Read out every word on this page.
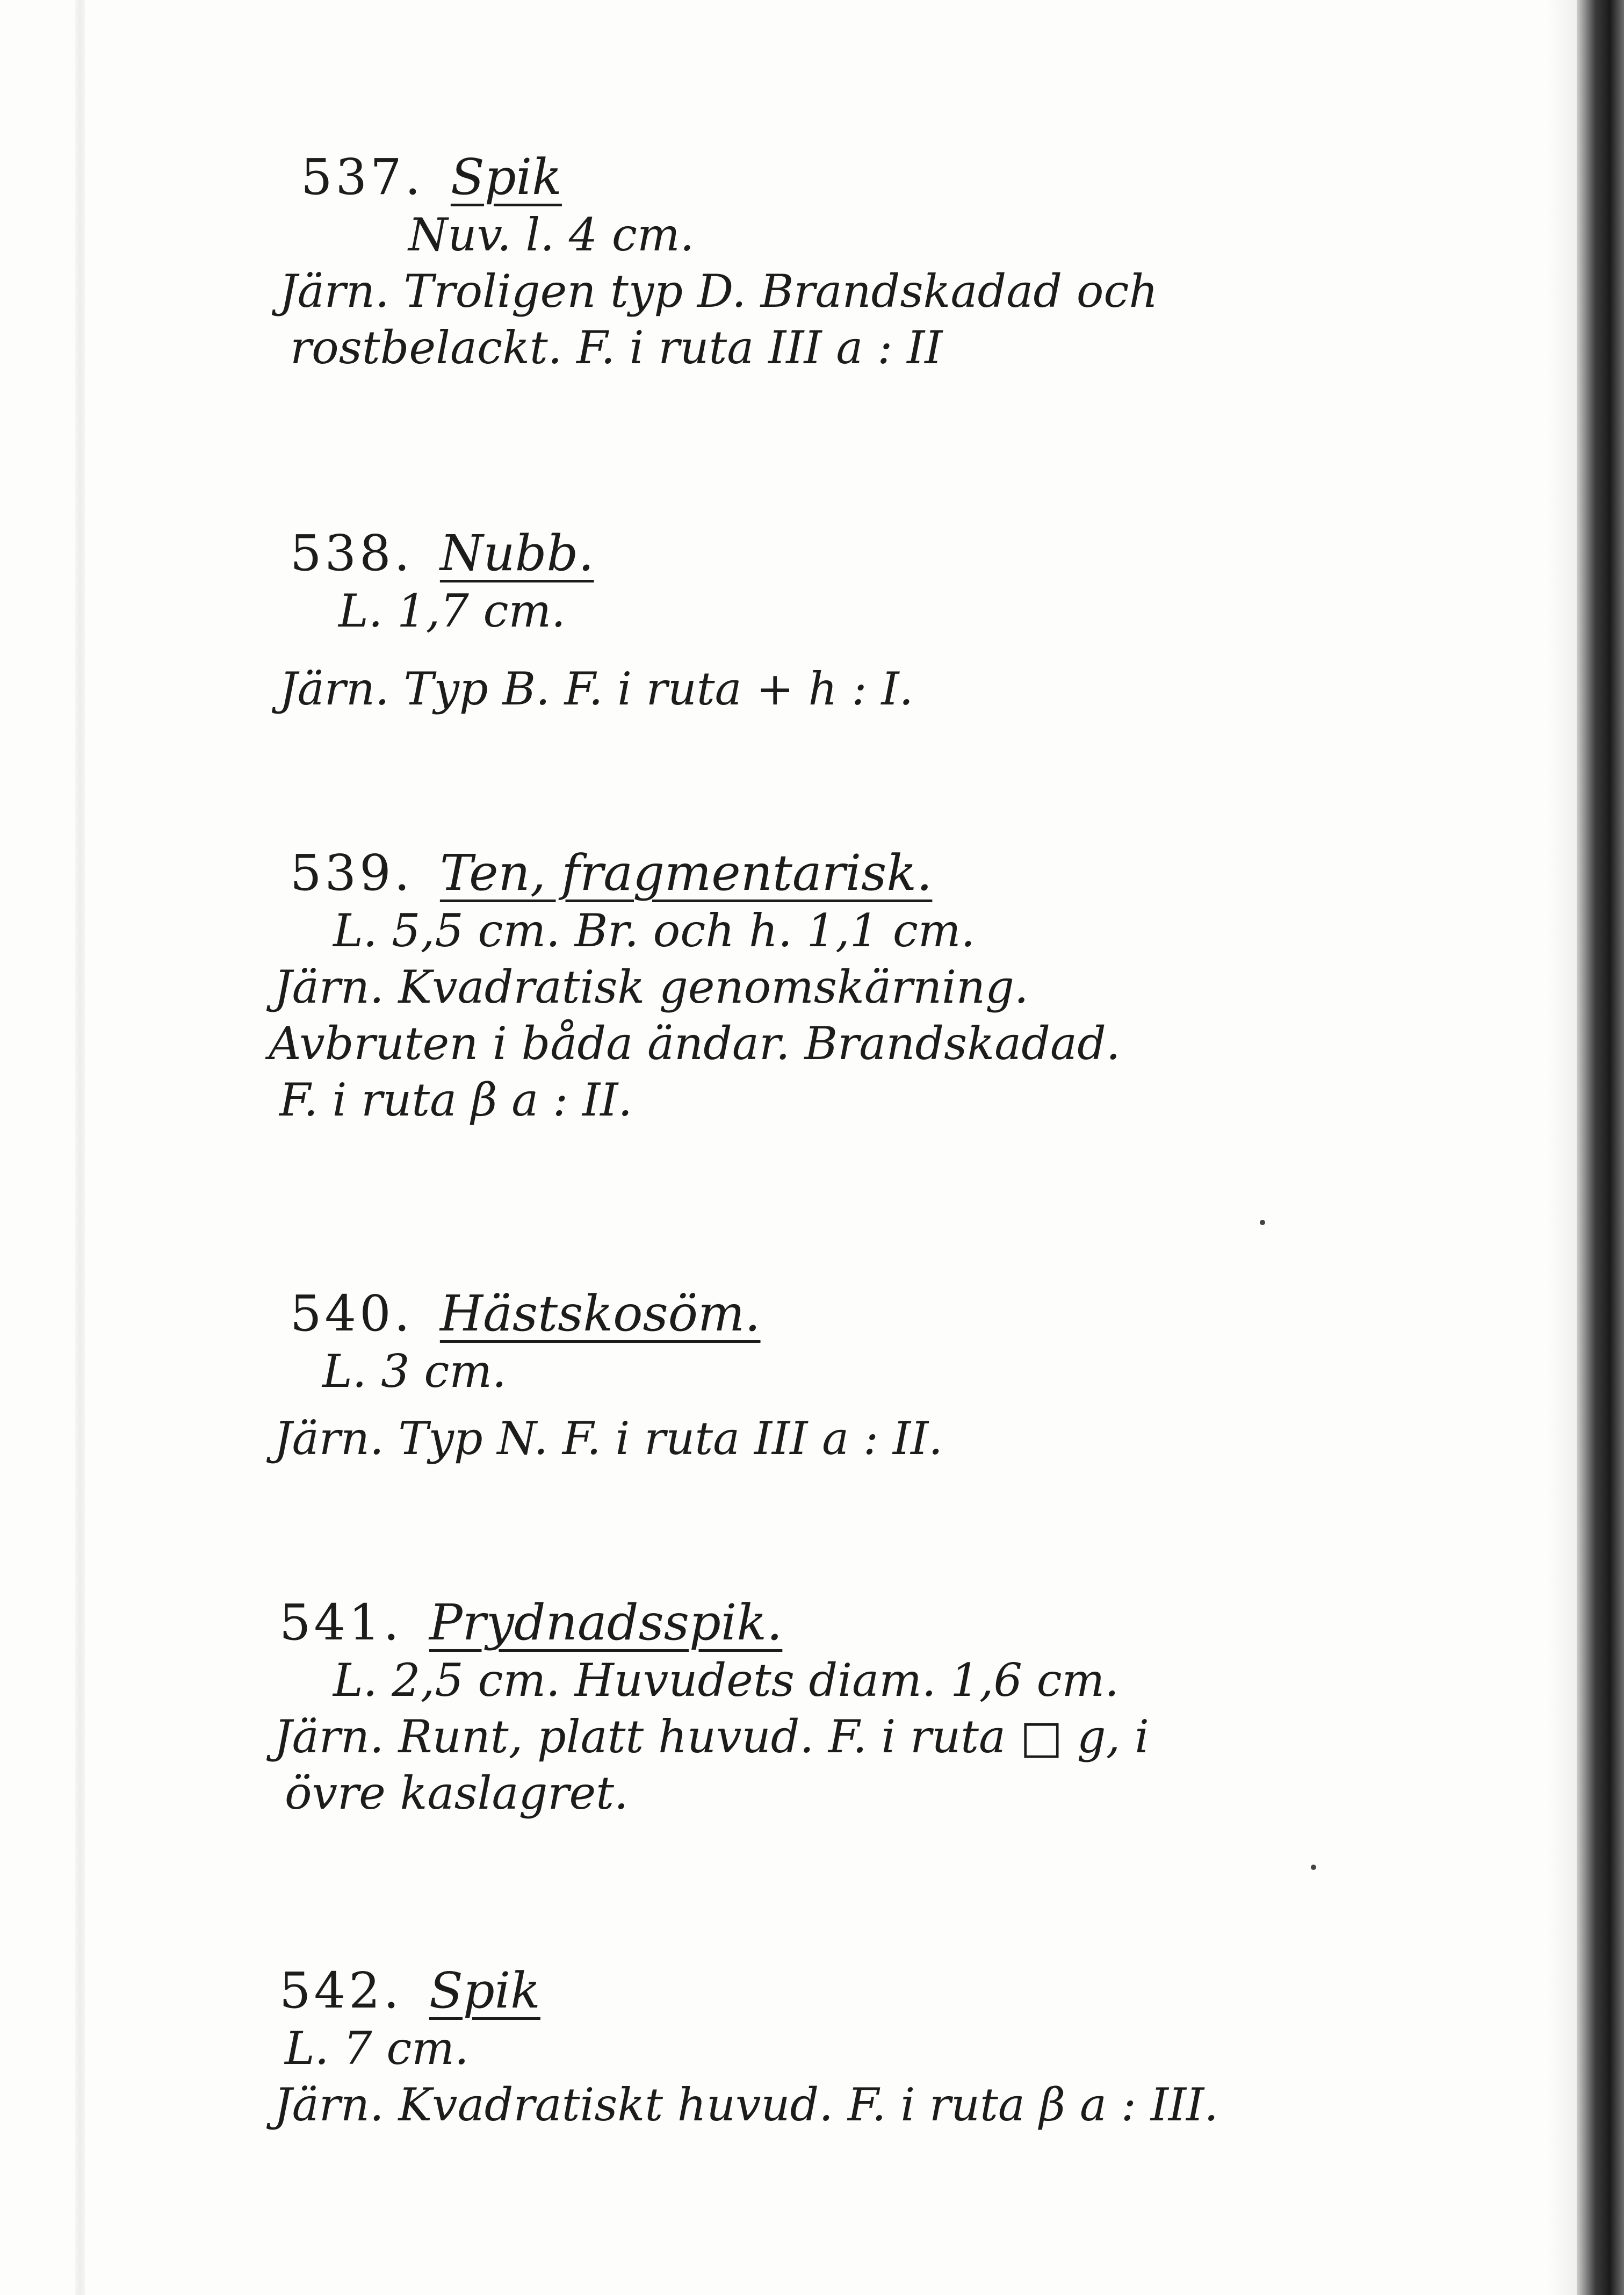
537. Spik
Nuv. l. 4 cm.
Järn. Troligen typ D. Brandskadad och
rostbelackt. F. i ruta III a : II
538. Nubb.
L. 1,7 cm.
Järn. Typ B. F. i ruta + h : I.
539. Ten, fragmentarisk.
L. 5,5 cm. Br. och h. 1,1 cm.
Järn. Kvadratisk genomskärning.
Avbruten i båda ändar. Brandskadad.
F. i ruta β a : II.
540. Hästskosöm.
L. 3 cm.
Järn. Typ N. F. i ruta III a : II.
541. Prydnadsspik.
L. 2,5 cm. Huvudets diam. 1,6 cm.
Järn. Runt, platt huvud. F. i ruta □ g, i
övre kaslagret.
542. Spik
L. 7 cm.
Järn. Kvadratiskt huvud. F. i ruta β a : III.
